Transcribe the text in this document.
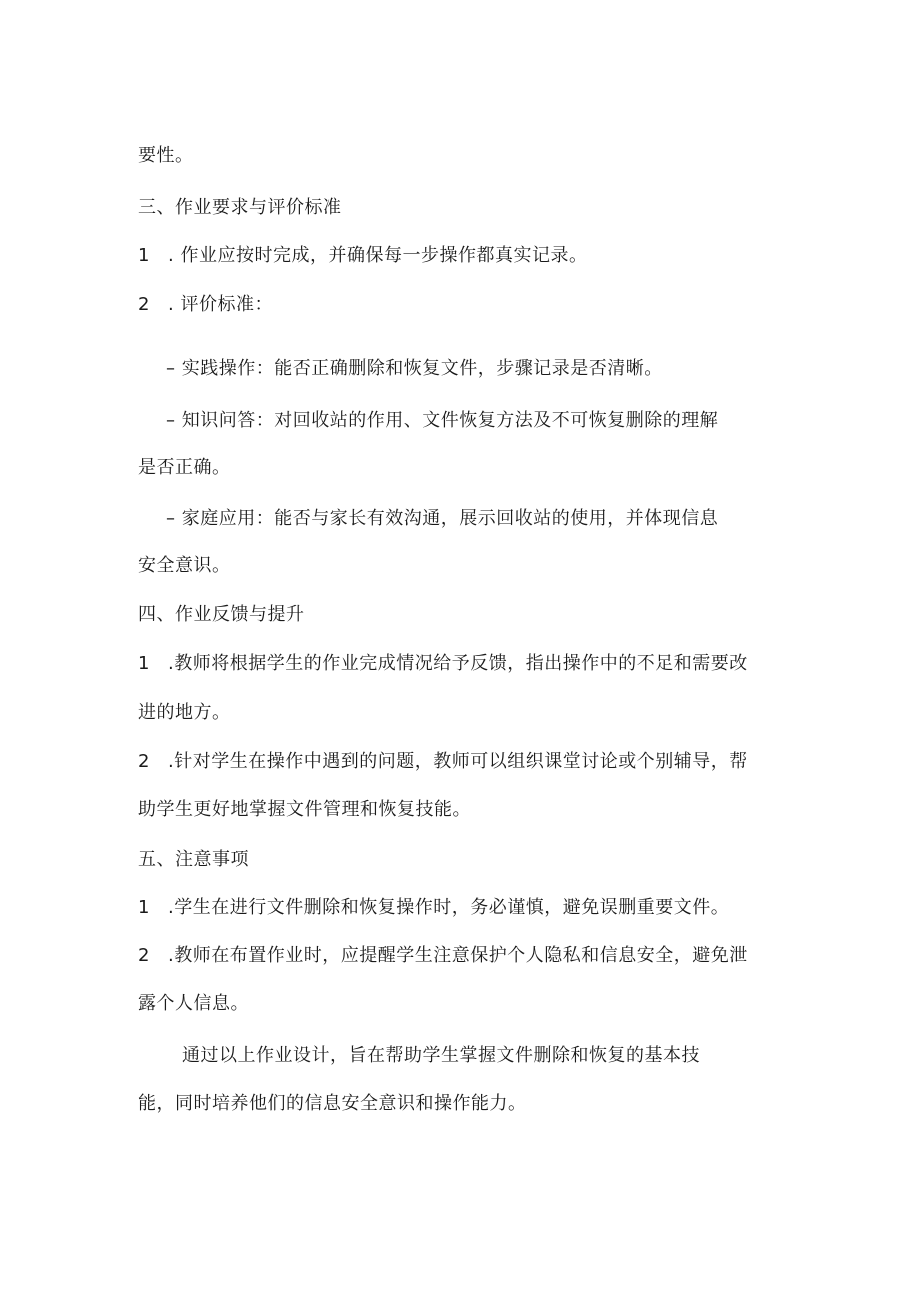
要性。
三、作业要求与评价标准
1 . 作业应按时完成，并确保每一步操作都真实记录。
2 . 评价标准：
– 实践操作：能否正确删除和恢复文件，步骤记录是否清晰。
– 知识问答：对回收站的作用、文件恢复方法及不可恢复删除的理解
是否正确。
– 家庭应用：能否与家长有效沟通，展示回收站的使用，并体现信息
安全意识。
四、作业反馈与提升
1 .教师将根据学生的作业完成情况给予反馈，指出操作中的不足和需要改
进的地方。
2 .针对学生在操作中遇到的问题，教师可以组织课堂讨论或个别辅导，帮
助学生更好地掌握文件管理和恢复技能。
五、注意事项
1 .学生在进行文件删除和恢复操作时，务必谨慎，避免误删重要文件。
2 .教师在布置作业时，应提醒学生注意保护个人隐私和信息安全，避免泄
露个人信息。
通过以上作业设计，旨在帮助学生掌握文件删除和恢复的基本技
能，同时培养他们的信息安全意识和操作能力。
